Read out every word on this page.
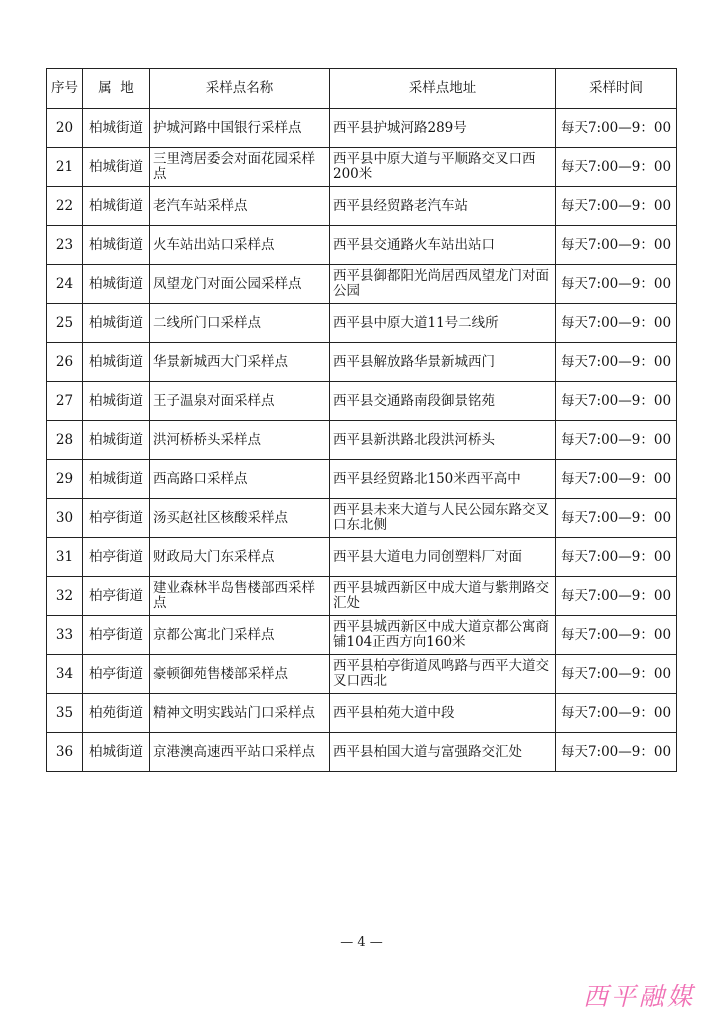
序号	属  地	采样点名称	采样点地址	采样时间
20	柏城街道	护城河路中国银行采样点	西平县护城河路289号	每天7:00—9：00
21	柏城街道	三里湾居委会对面花园采样点	西平县中原大道与平顺路交叉口西200米	每天7:00—9：00
22	柏城街道	老汽车站采样点	西平县经贸路老汽车站	每天7:00—9：00
23	柏城街道	火车站出站口采样点	西平县交通路火车站出站口	每天7:00—9：00
24	柏城街道	凤望龙门对面公园采样点	西平县御都阳光尚居西凤望龙门对面公园	每天7:00—9：00
25	柏城街道	二线所门口采样点	西平县中原大道11号二线所	每天7:00—9：00
26	柏城街道	华景新城西大门采样点	西平县解放路华景新城西门	每天7:00—9：00
27	柏城街道	王子温泉对面采样点	西平县交通路南段御景铭苑	每天7:00—9：00
28	柏城街道	洪河桥桥头采样点	西平县新洪路北段洪河桥头	每天7:00—9：00
29	柏城街道	西高路口采样点	西平县经贸路北150米西平高中	每天7:00—9：00
30	柏亭街道	汤买赵社区核酸采样点	西平县未来大道与人民公园东路交叉口东北侧	每天7:00—9：00
31	柏亭街道	财政局大门东采样点	西平县大道电力同创塑料厂对面	每天7:00—9：00
32	柏亭街道	建业森林半岛售楼部西采样点	西平县城西新区中成大道与紫荆路交汇处	每天7:00—9：00
33	柏亭街道	京都公寓北门采样点	西平县城西新区中成大道京都公寓商铺104正西方向160米	每天7:00—9：00
34	柏亭街道	豪顿御苑售楼部采样点	西平县柏亭街道凤鸣路与西平大道交叉口西北	每天7:00—9：00
35	柏苑街道	精神文明实践站门口采样点	西平县柏苑大道中段	每天7:00—9：00
36	柏城街道	京港澳高速西平站口采样点	西平县柏国大道与富强路交汇处	每天7:00—9：00
— 4 —
西平融媒
